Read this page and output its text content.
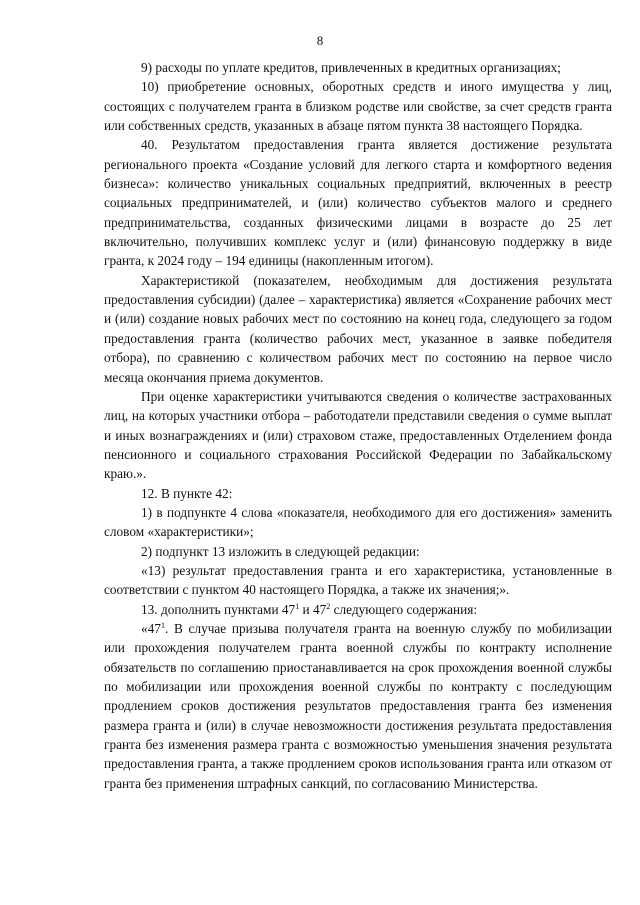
8

9) расходы по уплате кредитов, привлеченных в кредитных организациях;

10) приобретение основных, оборотных средств и иного имущества у лиц, состоящих с получателем гранта в близком родстве или свойстве, за счет средств гранта или собственных средств, указанных в абзаце пятом пункта 38 настоящего Порядка.

40. Результатом предоставления гранта является достижение результата регионального проекта «Создание условий для легкого старта и комфортного ведения бизнеса»: количество уникальных социальных предприятий, включенных в реестр социальных предпринимателей, и (или) количество субъектов малого и среднего предпринимательства, созданных физическими лицами в возрасте до 25 лет включительно, получивших комплекс услуг и (или) финансовую поддержку в виде гранта, к 2024 году – 194 единицы (накопленным итогом).

Характеристикой (показателем, необходимым для достижения результата предоставления субсидии) (далее – характеристика) является «Сохранение рабочих мест и (или) создание новых рабочих мест по состоянию на конец года, следующего за годом предоставления гранта (количество рабочих мест, указанное в заявке победителя отбора), по сравнению с количеством рабочих мест по состоянию на первое число месяца окончания приема документов.

При оценке характеристики учитываются сведения о количестве застрахованных лиц, на которых участники отбора – работодатели представили сведения о сумме выплат и иных вознаграждениях и (или) страховом стаже, предоставленных Отделением фонда пенсионного и социального страхования Российской Федерации по Забайкальскому краю.».

12. В пункте 42:

1) в подпункте 4 слова «показателя, необходимого для его достижения» заменить словом «характеристики»;

2) подпункт 13 изложить в следующей редакции:

«13) результат предоставления гранта и его характеристика, установленные в соответствии с пунктом 40 настоящего Порядка, а также их значения;».

13. дополнить пунктами $47^1$ и $47^2$ следующего содержания:

«$47^1$. В случае призыва получателя гранта на военную службу по мобилизации или прохождения получателем гранта военной службы по контракту исполнение обязательств по соглашению приостанавливается на срок прохождения военной службы по мобилизации или прохождения военной службы по контракту с последующим продлением сроков достижения результатов предоставления гранта без изменения размера гранта и (или) в случае невозможности достижения результата предоставления гранта без изменения размера гранта с возможностью уменьшения значения результата предоставления гранта, а также продлением сроков использования гранта или отказом от гранта без применения штрафных санкций, по согласованию Министерства.
